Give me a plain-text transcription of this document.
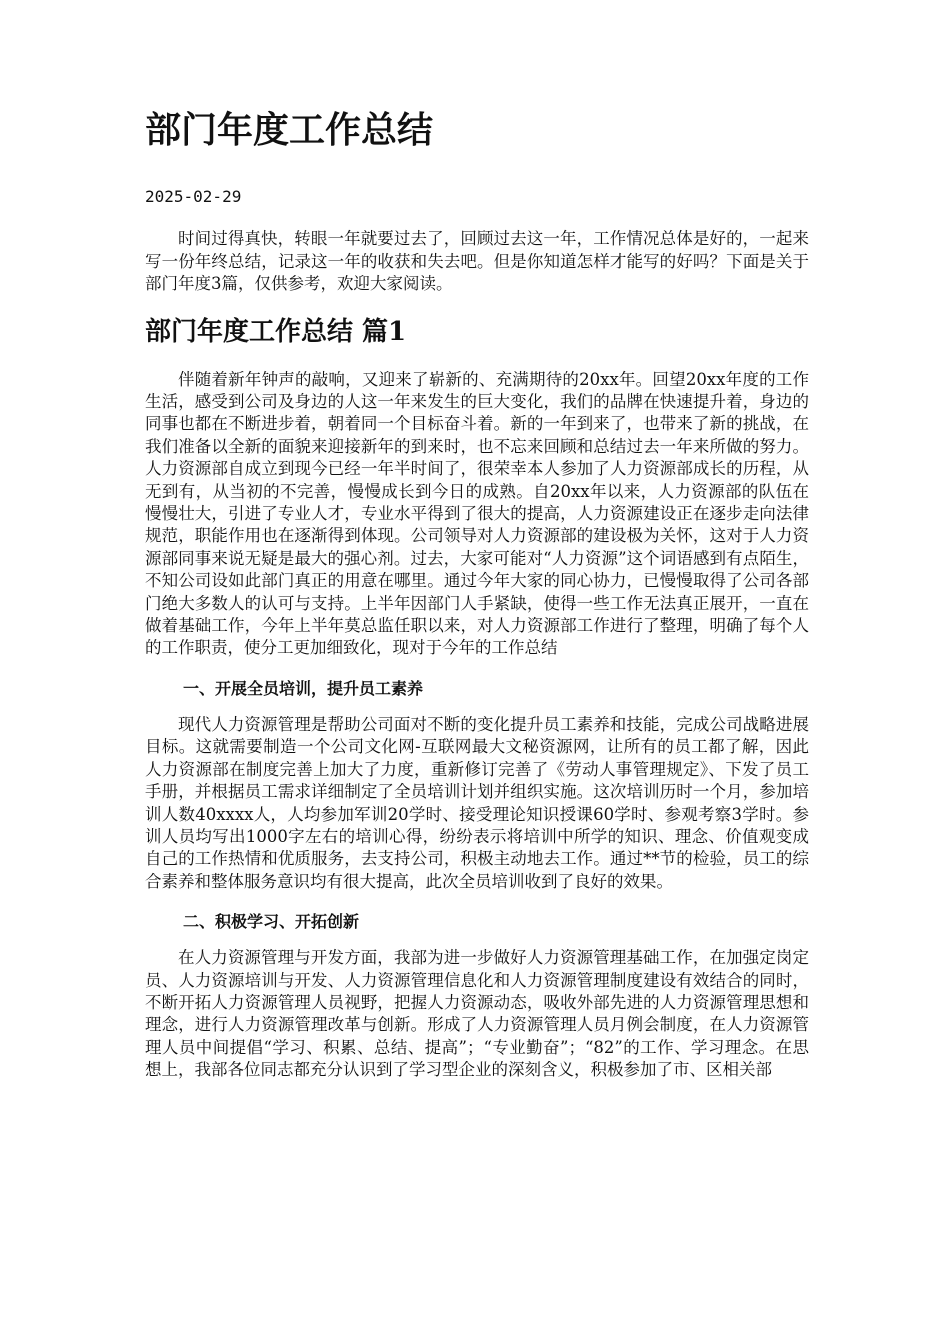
部门年度工作总结
2025-02-29

时间过得真快，转眼一年就要过去了，回顾过去这一年，工作情况总体是好的，一起来写一份年终总结，记录这一年的收获和失去吧。但是你知道怎样才能写的好吗？下面是关于部门年度3篇，仅供参考，欢迎大家阅读。

部门年度工作总结 篇1

伴随着新年钟声的敲响，又迎来了崭新的、充满期待的20xx年。回望20xx年度的工作生活，感受到公司及身边的人这一年来发生的巨大变化，我们的品牌在快速提升着，身边的同事也都在不断进步着，朝着同一个目标奋斗着。新的一年到来了，也带来了新的挑战，在我们准备以全新的面貌来迎接新年的到来时，也不忘来回顾和总结过去一年来所做的努力。人力资源部自成立到现今已经一年半时间了，很荣幸本人参加了人力资源部成长的历程，从无到有，从当初的不完善，慢慢成长到今日的成熟。自20xx年以来，人力资源部的队伍在慢慢壮大，引进了专业人才，专业水平得到了很大的提高，人力资源建设正在逐步走向法律规范，职能作用也在逐渐得到体现。公司领导对人力资源部的建设极为关怀，这对于人力资源部同事来说无疑是最大的强心剂。过去，大家可能对“人力资源”这个词语感到有点陌生，不知公司设如此部门真正的用意在哪里。通过今年大家的同心协力，已慢慢取得了公司各部门绝大多数人的认可与支持。上半年因部门人手紧缺，使得一些工作无法真正展开，一直在做着基础工作，今年上半年莫总监任职以来，对人力资源部工作进行了整理，明确了每个人的工作职责，使分工更加细致化，现对于今年的工作总结

一、开展全员培训，提升员工素养

现代人力资源管理是帮助公司面对不断的变化提升员工素养和技能，完成公司战略进展目标。这就需要制造一个公司文化网-互联网最大文秘资源网，让所有的员工都了解，因此人力资源部在制度完善上加大了力度，重新修订完善了《劳动人事管理规定》、下发了员工手册，并根据员工需求详细制定了全员培训计划并组织实施。这次培训历时一个月，参加培训人数40xxxx人，人均参加军训20学时、接受理论知识授课60学时、参观考察3学时。参训人员均写出1000字左右的培训心得，纷纷表示将培训中所学的知识、理念、价值观变成自己的工作热情和优质服务，去支持公司，积极主动地去工作。通过**节的检验，员工的综合素养和整体服务意识均有很大提高，此次全员培训收到了良好的效果。

二、积极学习、开拓创新

在人力资源管理与开发方面，我部为进一步做好人力资源管理基础工作，在加强定岗定员、人力资源培训与开发、人力资源管理信息化和人力资源管理制度建设有效结合的同时，不断开拓人力资源管理人员视野，把握人力资源动态，吸收外部先进的人力资源管理思想和理念，进行人力资源管理改革与创新。形成了人力资源管理人员月例会制度，在人力资源管理人员中间提倡“学习、积累、总结、提高”；“专业勤奋”；“82”的工作、学习理念。在思想上，我部各位同志都充分认识到了学习型企业的深刻含义，积极参加了市、区相关部
